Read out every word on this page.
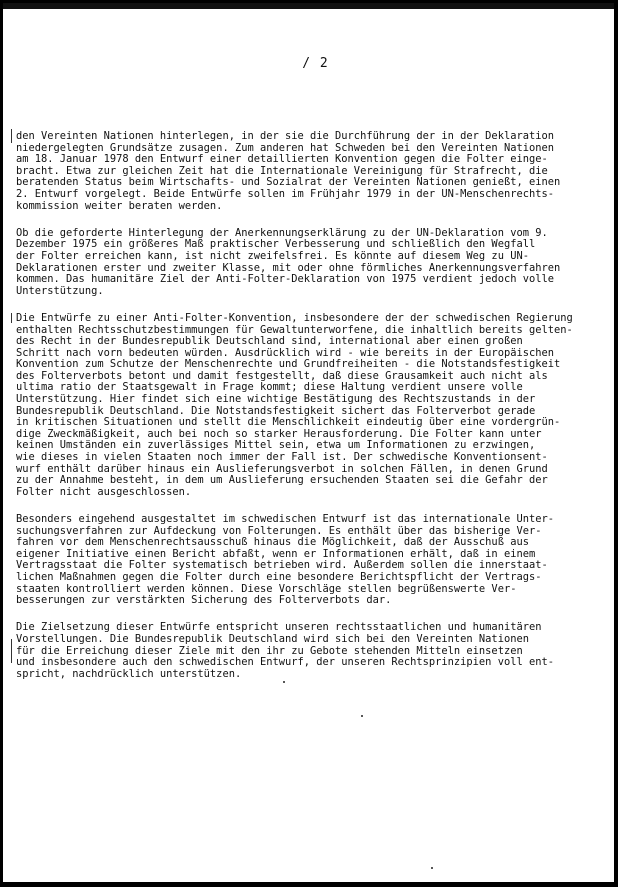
/ 2
den Vereinten Nationen hinterlegen, in der sie die Durchführung der in der Deklaration
niedergelegten Grundsätze zusagen. Zum anderen hat Schweden bei den Vereinten Nationen
am 18. Januar 1978 den Entwurf einer detaillierten Konvention gegen die Folter einge-
bracht. Etwa zur gleichen Zeit hat die Internationale Vereinigung für Strafrecht, die
beratenden Status beim Wirtschafts- und Sozialrat der Vereinten Nationen genießt, einen
2. Entwurf vorgelegt. Beide Entwürfe sollen im Frühjahr 1979 in der UN-Menschenrechts-
kommission weiter beraten werden.
Ob die geforderte Hinterlegung der Anerkennungserklärung zu der UN-Deklaration vom 9.
Dezember 1975 ein größeres Maß praktischer Verbesserung und schließlich den Wegfall
der Folter erreichen kann, ist nicht zweifelsfrei. Es könnte auf diesem Weg zu UN-
Deklarationen erster und zweiter Klasse, mit oder ohne förmliches Anerkennungsverfahren
kommen. Das humanitäre Ziel der Anti-Folter-Deklaration von 1975 verdient jedoch volle
Unterstützung.
Die Entwürfe zu einer Anti-Folter-Konvention, insbesondere der der schwedischen Regierung
enthalten Rechtsschutzbestimmungen für Gewaltunterworfene, die inhaltlich bereits gelten-
des Recht in der Bundesrepublik Deutschland sind, international aber einen großen
Schritt nach vorn bedeuten würden. Ausdrücklich wird - wie bereits in der Europäischen
Konvention zum Schutze der Menschenrechte und Grundfreiheiten - die Notstandsfestigkeit
des Folterverbots betont und damit festgestellt, daß diese Grausamkeit auch nicht als
ultima ratio der Staatsgewalt in Frage kommt; diese Haltung verdient unsere volle
Unterstützung. Hier findet sich eine wichtige Bestätigung des Rechtszustands in der
Bundesrepublik Deutschland. Die Notstandsfestigkeit sichert das Folterverbot gerade
in kritischen Situationen und stellt die Menschlichkeit eindeutig über eine vordergrün-
dige Zweckmäßigkeit, auch bei noch so starker Herausforderung. Die Folter kann unter
keinen Umständen ein zuverlässiges Mittel sein, etwa um Informationen zu erzwingen,
wie dieses in vielen Staaten noch immer der Fall ist. Der schwedische Konventionsent-
wurf enthält darüber hinaus ein Auslieferungsverbot in solchen Fällen, in denen Grund
zu der Annahme besteht, in dem um Auslieferung ersuchenden Staaten sei die Gefahr der
Folter nicht ausgeschlossen.
Besonders eingehend ausgestaltet im schwedischen Entwurf ist das internationale Unter-
suchungsverfahren zur Aufdeckung von Folterungen. Es enthält über das bisherige Ver-
fahren vor dem Menschenrechtsausschuß hinaus die Möglichkeit, daß der Ausschuß aus
eigener Initiative einen Bericht abfaßt, wenn er Informationen erhält, daß in einem
Vertragsstaat die Folter systematisch betrieben wird. Außerdem sollen die innerstaat-
lichen Maßnahmen gegen die Folter durch eine besondere Berichtspflicht der Vertrags-
staaten kontrolliert werden können. Diese Vorschläge stellen begrüßenswerte Ver-
besserungen zur verstärkten Sicherung des Folterverbots dar.
Die Zielsetzung dieser Entwürfe entspricht unseren rechtsstaatlichen und humanitären
Vorstellungen. Die Bundesrepublik Deutschland wird sich bei den Vereinten Nationen
für die Erreichung dieser Ziele mit den ihr zu Gebote stehenden Mitteln einsetzen
und insbesondere auch den schwedischen Entwurf, der unseren Rechtsprinzipien voll ent-
spricht, nachdrücklich unterstützen.
